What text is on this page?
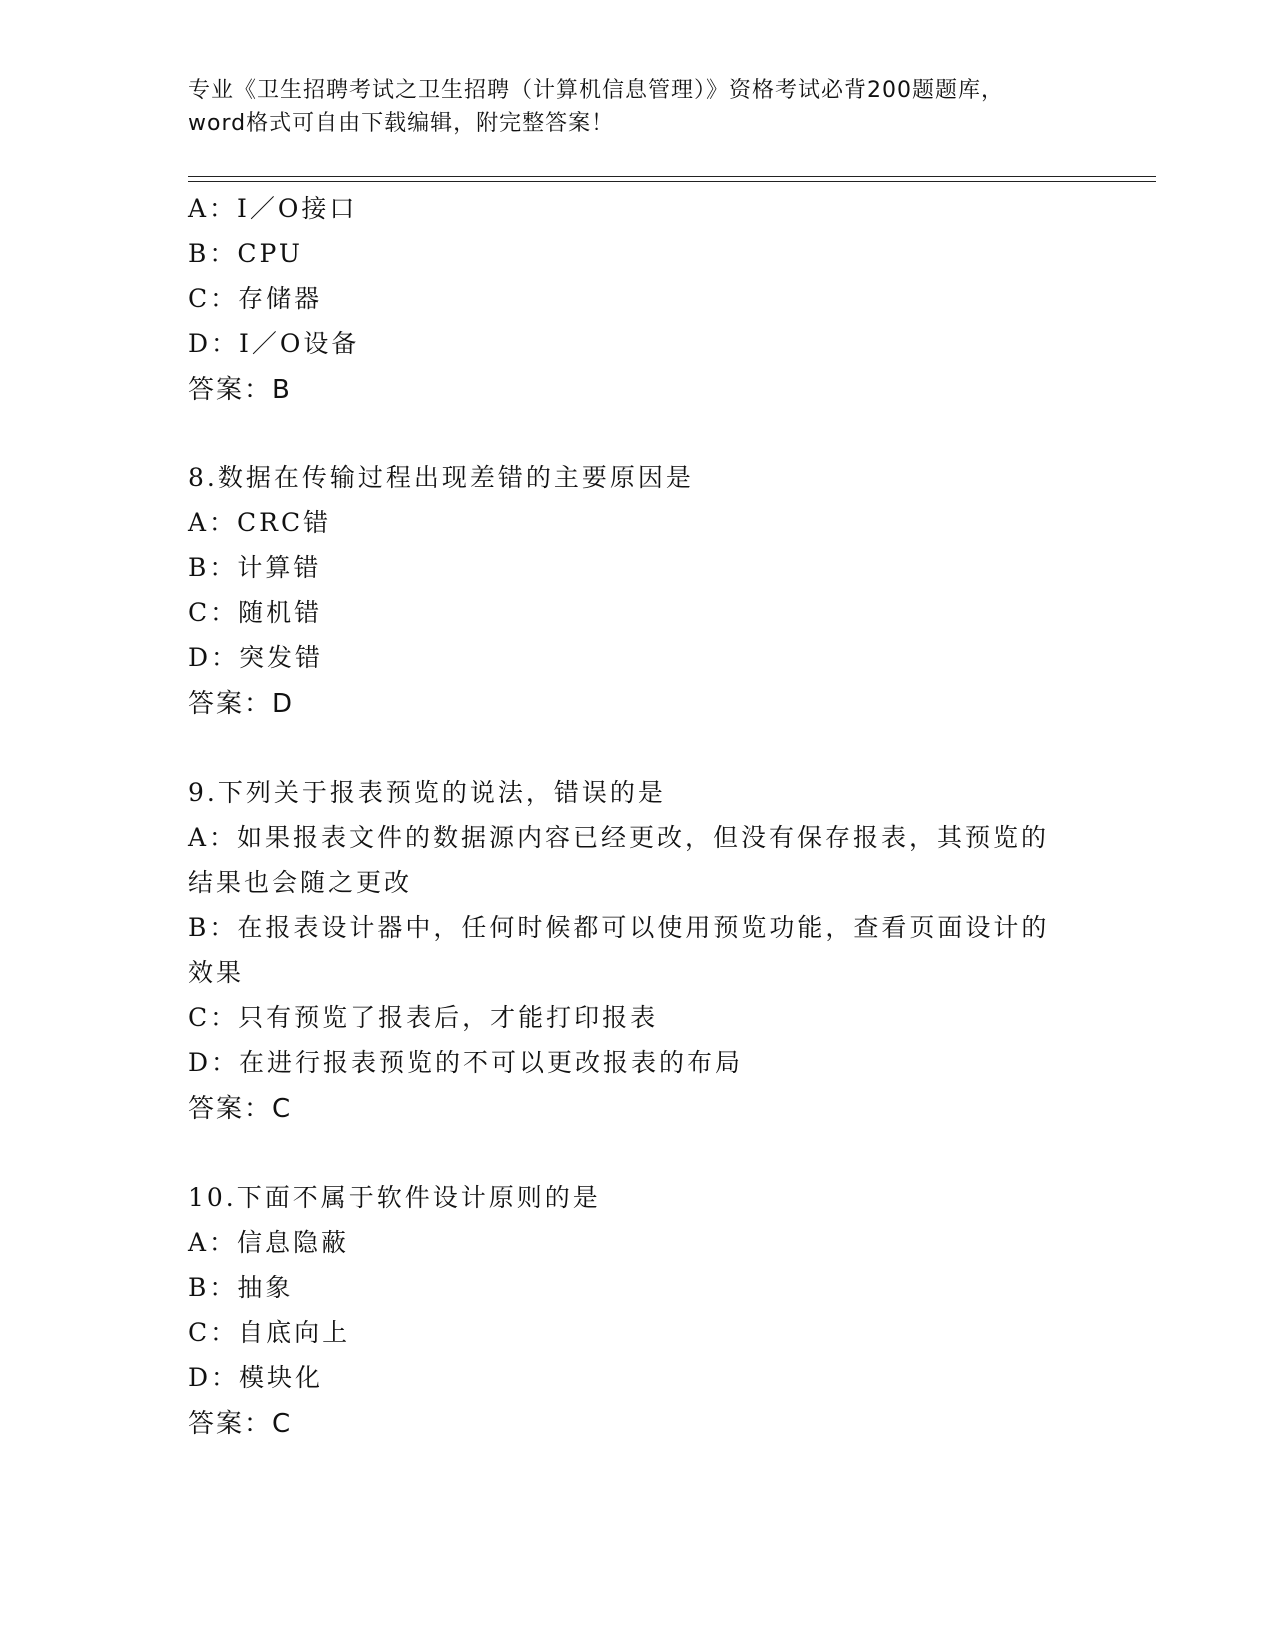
专业《卫生招聘考试之卫生招聘（计算机信息管理）》资格考试必背200题题库，
word格式可自由下载编辑，附完整答案！
A：I／O接口
B：CPU
C：存储器
D：I／O设备
答案：B
8.数据在传输过程出现差错的主要原因是
A：CRC错
B：计算错
C：随机错
D：突发错
答案：D
9.下列关于报表预览的说法，错误的是
A：如果报表文件的数据源内容已经更改，但没有保存报表，其预览的
结果也会随之更改
B：在报表设计器中，任何时候都可以使用预览功能，查看页面设计的
效果
C：只有预览了报表后，才能打印报表
D：在进行报表预览的不可以更改报表的布局
答案：C
10.下面不属于软件设计原则的是
A：信息隐蔽
B：抽象
C：自底向上
D：模块化
答案：C
